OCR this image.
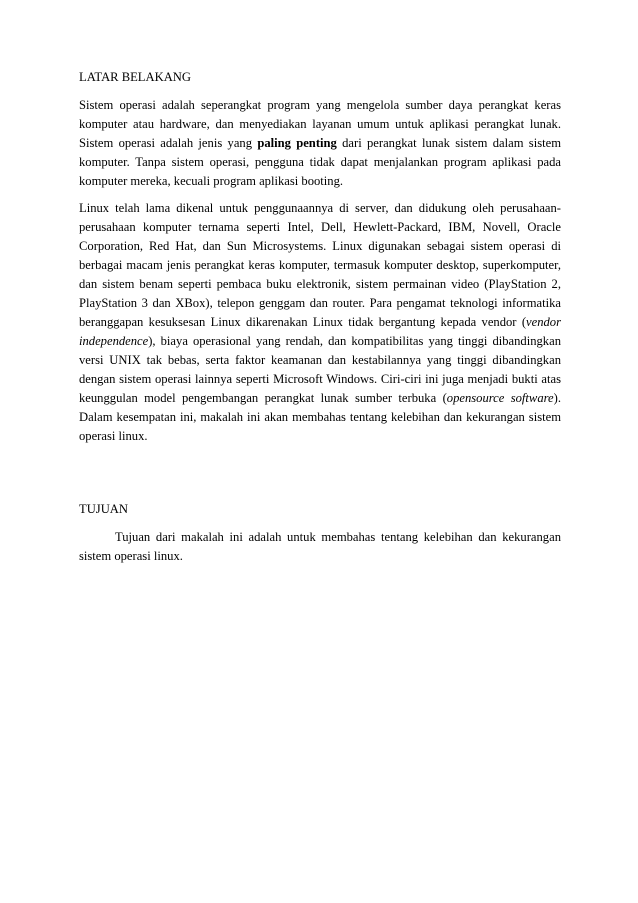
LATAR BELAKANG

Sistem operasi adalah seperangkat program yang mengelola sumber daya perangkat keras komputer atau hardware, dan menyediakan layanan umum untuk aplikasi perangkat lunak. Sistem operasi adalah jenis yang paling penting dari perangkat lunak sistem dalam sistem komputer. Tanpa sistem operasi, pengguna tidak dapat menjalankan program aplikasi pada komputer mereka, kecuali program aplikasi booting.

Linux telah lama dikenal untuk penggunaannya di server, dan didukung oleh perusahaan-perusahaan komputer ternama seperti Intel, Dell, Hewlett-Packard, IBM, Novell, Oracle Corporation, Red Hat, dan Sun Microsystems. Linux digunakan sebagai sistem operasi di berbagai macam jenis perangkat keras komputer, termasuk komputer desktop, superkomputer, dan sistem benam seperti pembaca buku elektronik, sistem permainan video (PlayStation 2, PlayStation 3 dan XBox), telepon genggam dan router. Para pengamat teknologi informatika beranggapan kesuksesan Linux dikarenakan Linux tidak bergantung kepada vendor (vendor independence), biaya operasional yang rendah, dan kompatibilitas yang tinggi dibandingkan versi UNIX tak bebas, serta faktor keamanan dan kestabilannya yang tinggi dibandingkan dengan sistem operasi lainnya seperti Microsoft Windows. Ciri-ciri ini juga menjadi bukti atas keunggulan model pengembangan perangkat lunak sumber terbuka (opensource software). Dalam kesempatan ini, makalah ini akan membahas tentang kelebihan dan kekurangan sistem operasi linux.

TUJUAN

Tujuan dari makalah ini adalah untuk membahas tentang kelebihan dan kekurangan sistem operasi linux.
